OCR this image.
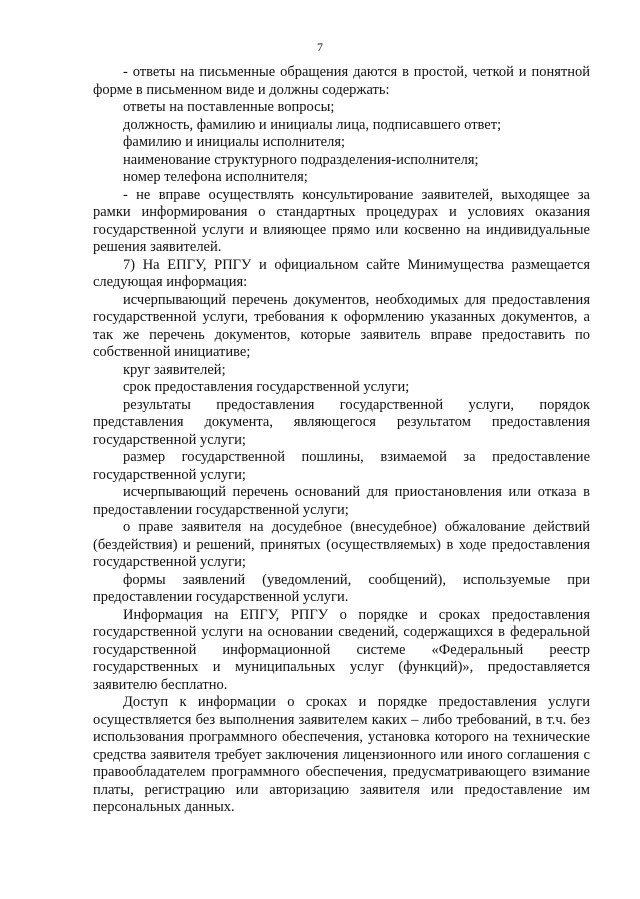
7

- ответы на письменные обращения даются в простой, четкой и понятной форме в письменном виде и должны содержать:

ответы на поставленные вопросы;

должность, фамилию и инициалы лица, подписавшего ответ;

фамилию и инициалы исполнителя;

наименование структурного подразделения-исполнителя;

номер телефона исполнителя;

- не вправе осуществлять консультирование заявителей, выходящее за рамки информирования о стандартных процедурах и условиях оказания государственной услуги и влияющее прямо или косвенно на индивидуальные решения заявителей.

7) На ЕПГУ, РПГУ и официальном сайте Минимущества размещается следующая информация:

исчерпывающий перечень документов, необходимых для предоставления государственной услуги, требования к оформлению указанных документов, а так же перечень документов, которые заявитель вправе предоставить по собственной инициативе;

круг заявителей;

срок предоставления государственной услуги;

результаты предоставления государственной услуги, порядок представления документа, являющегося результатом предоставления государственной услуги;

размер государственной пошлины, взимаемой за предоставление государственной услуги;

исчерпывающий перечень оснований для приостановления или отказа в предоставлении государственной услуги;

о праве заявителя на досудебное (внесудебное) обжалование действий (бездействия) и решений, принятых (осуществляемых) в ходе предоставления государственной услуги;

формы заявлений (уведомлений, сообщений), используемые при предоставлении государственной услуги.

Информация на ЕПГУ, РПГУ о порядке и сроках предоставления государственной услуги на основании сведений, содержащихся в федеральной государственной информационной системе «Федеральный реестр государственных и муниципальных услуг (функций)», предоставляется заявителю бесплатно.

Доступ к информации о сроках и порядке предоставления услуги осуществляется без выполнения заявителем каких – либо требований, в т.ч. без использования программного обеспечения, установка которого на технические средства заявителя требует заключения лицензионного или иного соглашения с правообладателем программного обеспечения, предусматривающего взимание платы, регистрацию или авторизацию заявителя или предоставление им персональных данных.
